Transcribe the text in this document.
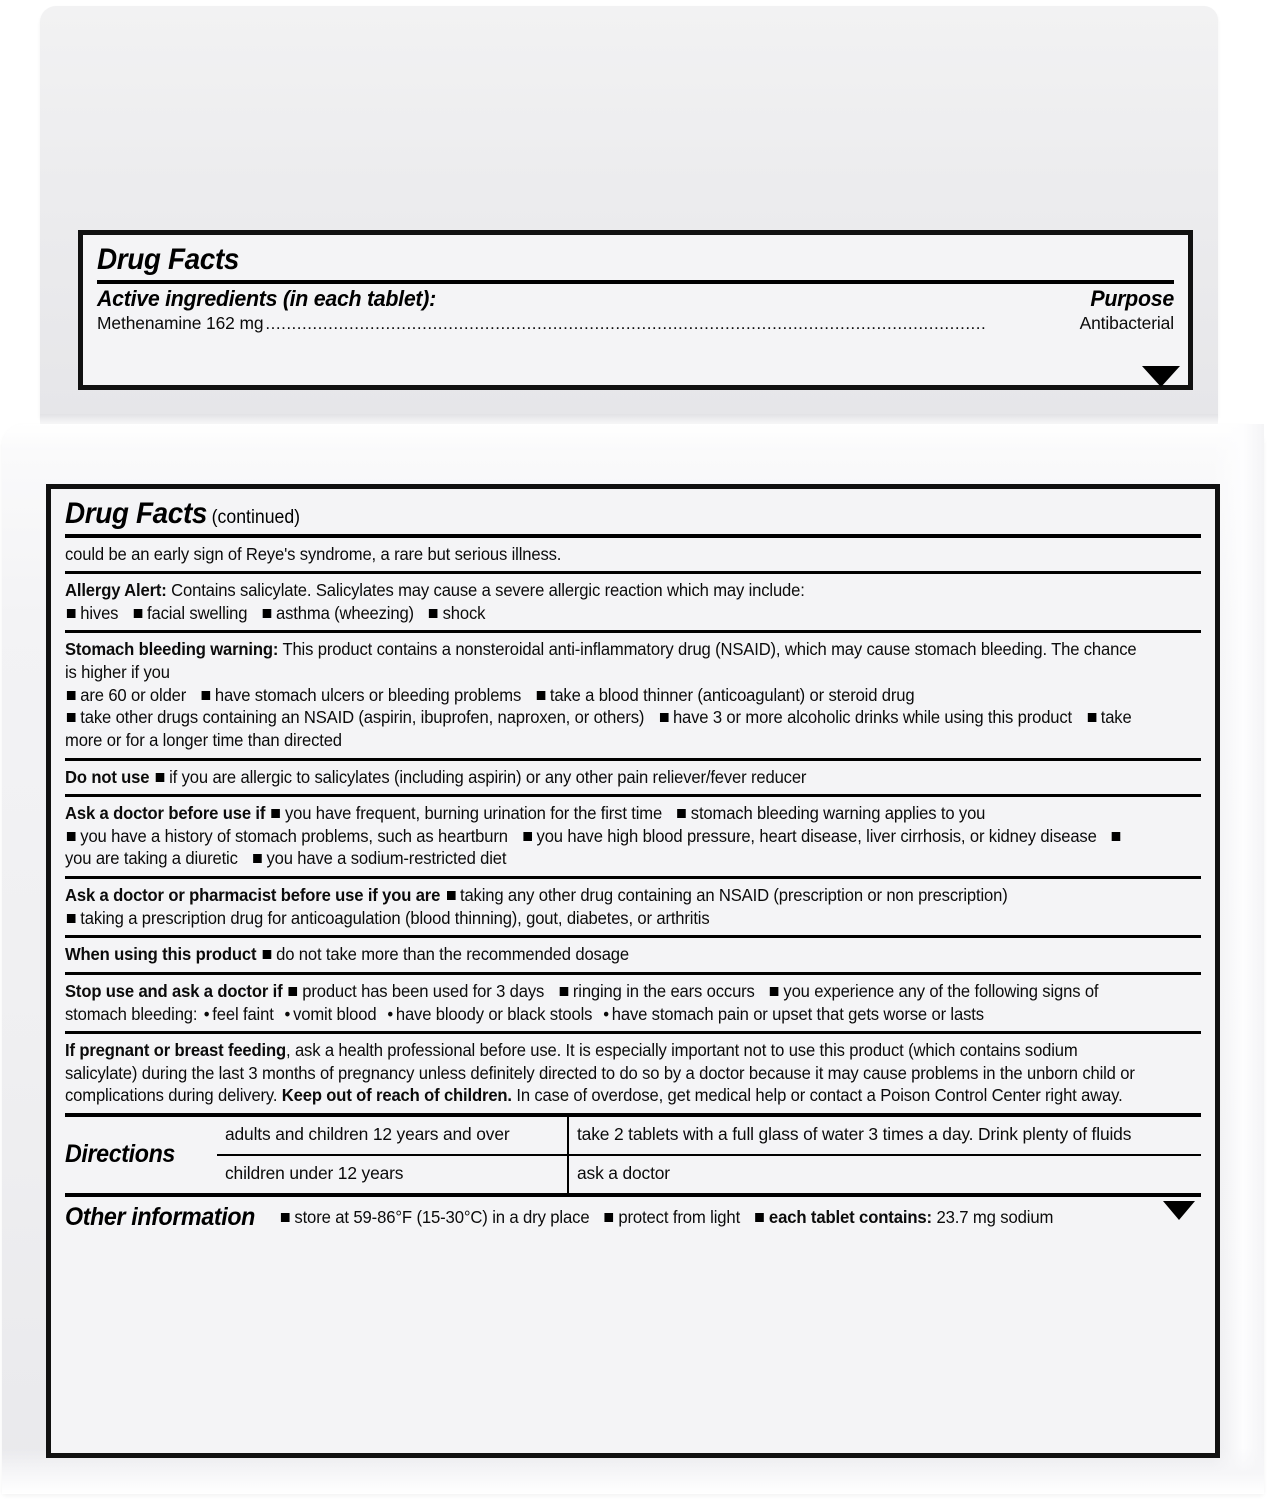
Drug Facts
Active ingredients (in each tablet):	Purpose
Methenamine 162 mg ..........................................................................................................................................	Antibacterial
Drug Facts (continued)
could be an early sign of Reye's syndrome, a rare but serious illness.
Allergy Alert: Contains salicylate. Salicylates may cause a severe allergic reaction which may include:
hives facial swelling asthma (wheezing) shock
Stomach bleeding warning: This product contains a nonsteroidal anti-inflammatory drug (NSAID), which may cause stomach bleeding. The chance is higher if you
are 60 or older have stomach ulcers or bleeding problems take a blood thinner (anticoagulant) or steroid drug
take other drugs containing an NSAID (aspirin, ibuprofen, naproxen, or others) have 3 or more alcoholic drinks while using this product take more or for a longer time than directed
Do not use if you are allergic to salicylates (including aspirin) or any other pain reliever/fever reducer
Ask a doctor before use if you have frequent, burning urination for the first time stomach bleeding warning applies to you
you have a history of stomach problems, such as heartburn you have high blood pressure, heart disease, liver cirrhosis, or kidney disease   you are taking a diuretic you have a sodium-restricted diet
Ask a doctor or pharmacist before use if you are taking any other drug containing an NSAID (prescription or non prescription)
taking a prescription drug for anticoagulation (blood thinning), gout, diabetes, or arthritis
When using this product do not take more than the recommended dosage
Stop use and ask a doctor if product has been used for 3 days ringing in the ears occurs you experience any of the following signs of stomach bleeding: • feel faint • vomit blood • have bloody or black stools • have stomach pain or upset that gets worse or lasts
If pregnant or breast feeding, ask a health professional before use. It is especially important not to use this product (which contains sodium salicylate) during the last 3 months of pregnancy unless definitely directed to do so by a doctor because it may cause problems in the unborn child or complications during delivery. Keep out of reach of children. In case of overdose, get medical help or contact a Poison Control Center right away.
Directions
adults and children 12 years and over	take 2 tablets with a full glass of water 3 times a day. Drink plenty of fluids
children under 12 years	ask a doctor
Other information	store at 59-86°F (15-30°C) in a dry place protect from light each tablet contains: 23.7 mg sodium
